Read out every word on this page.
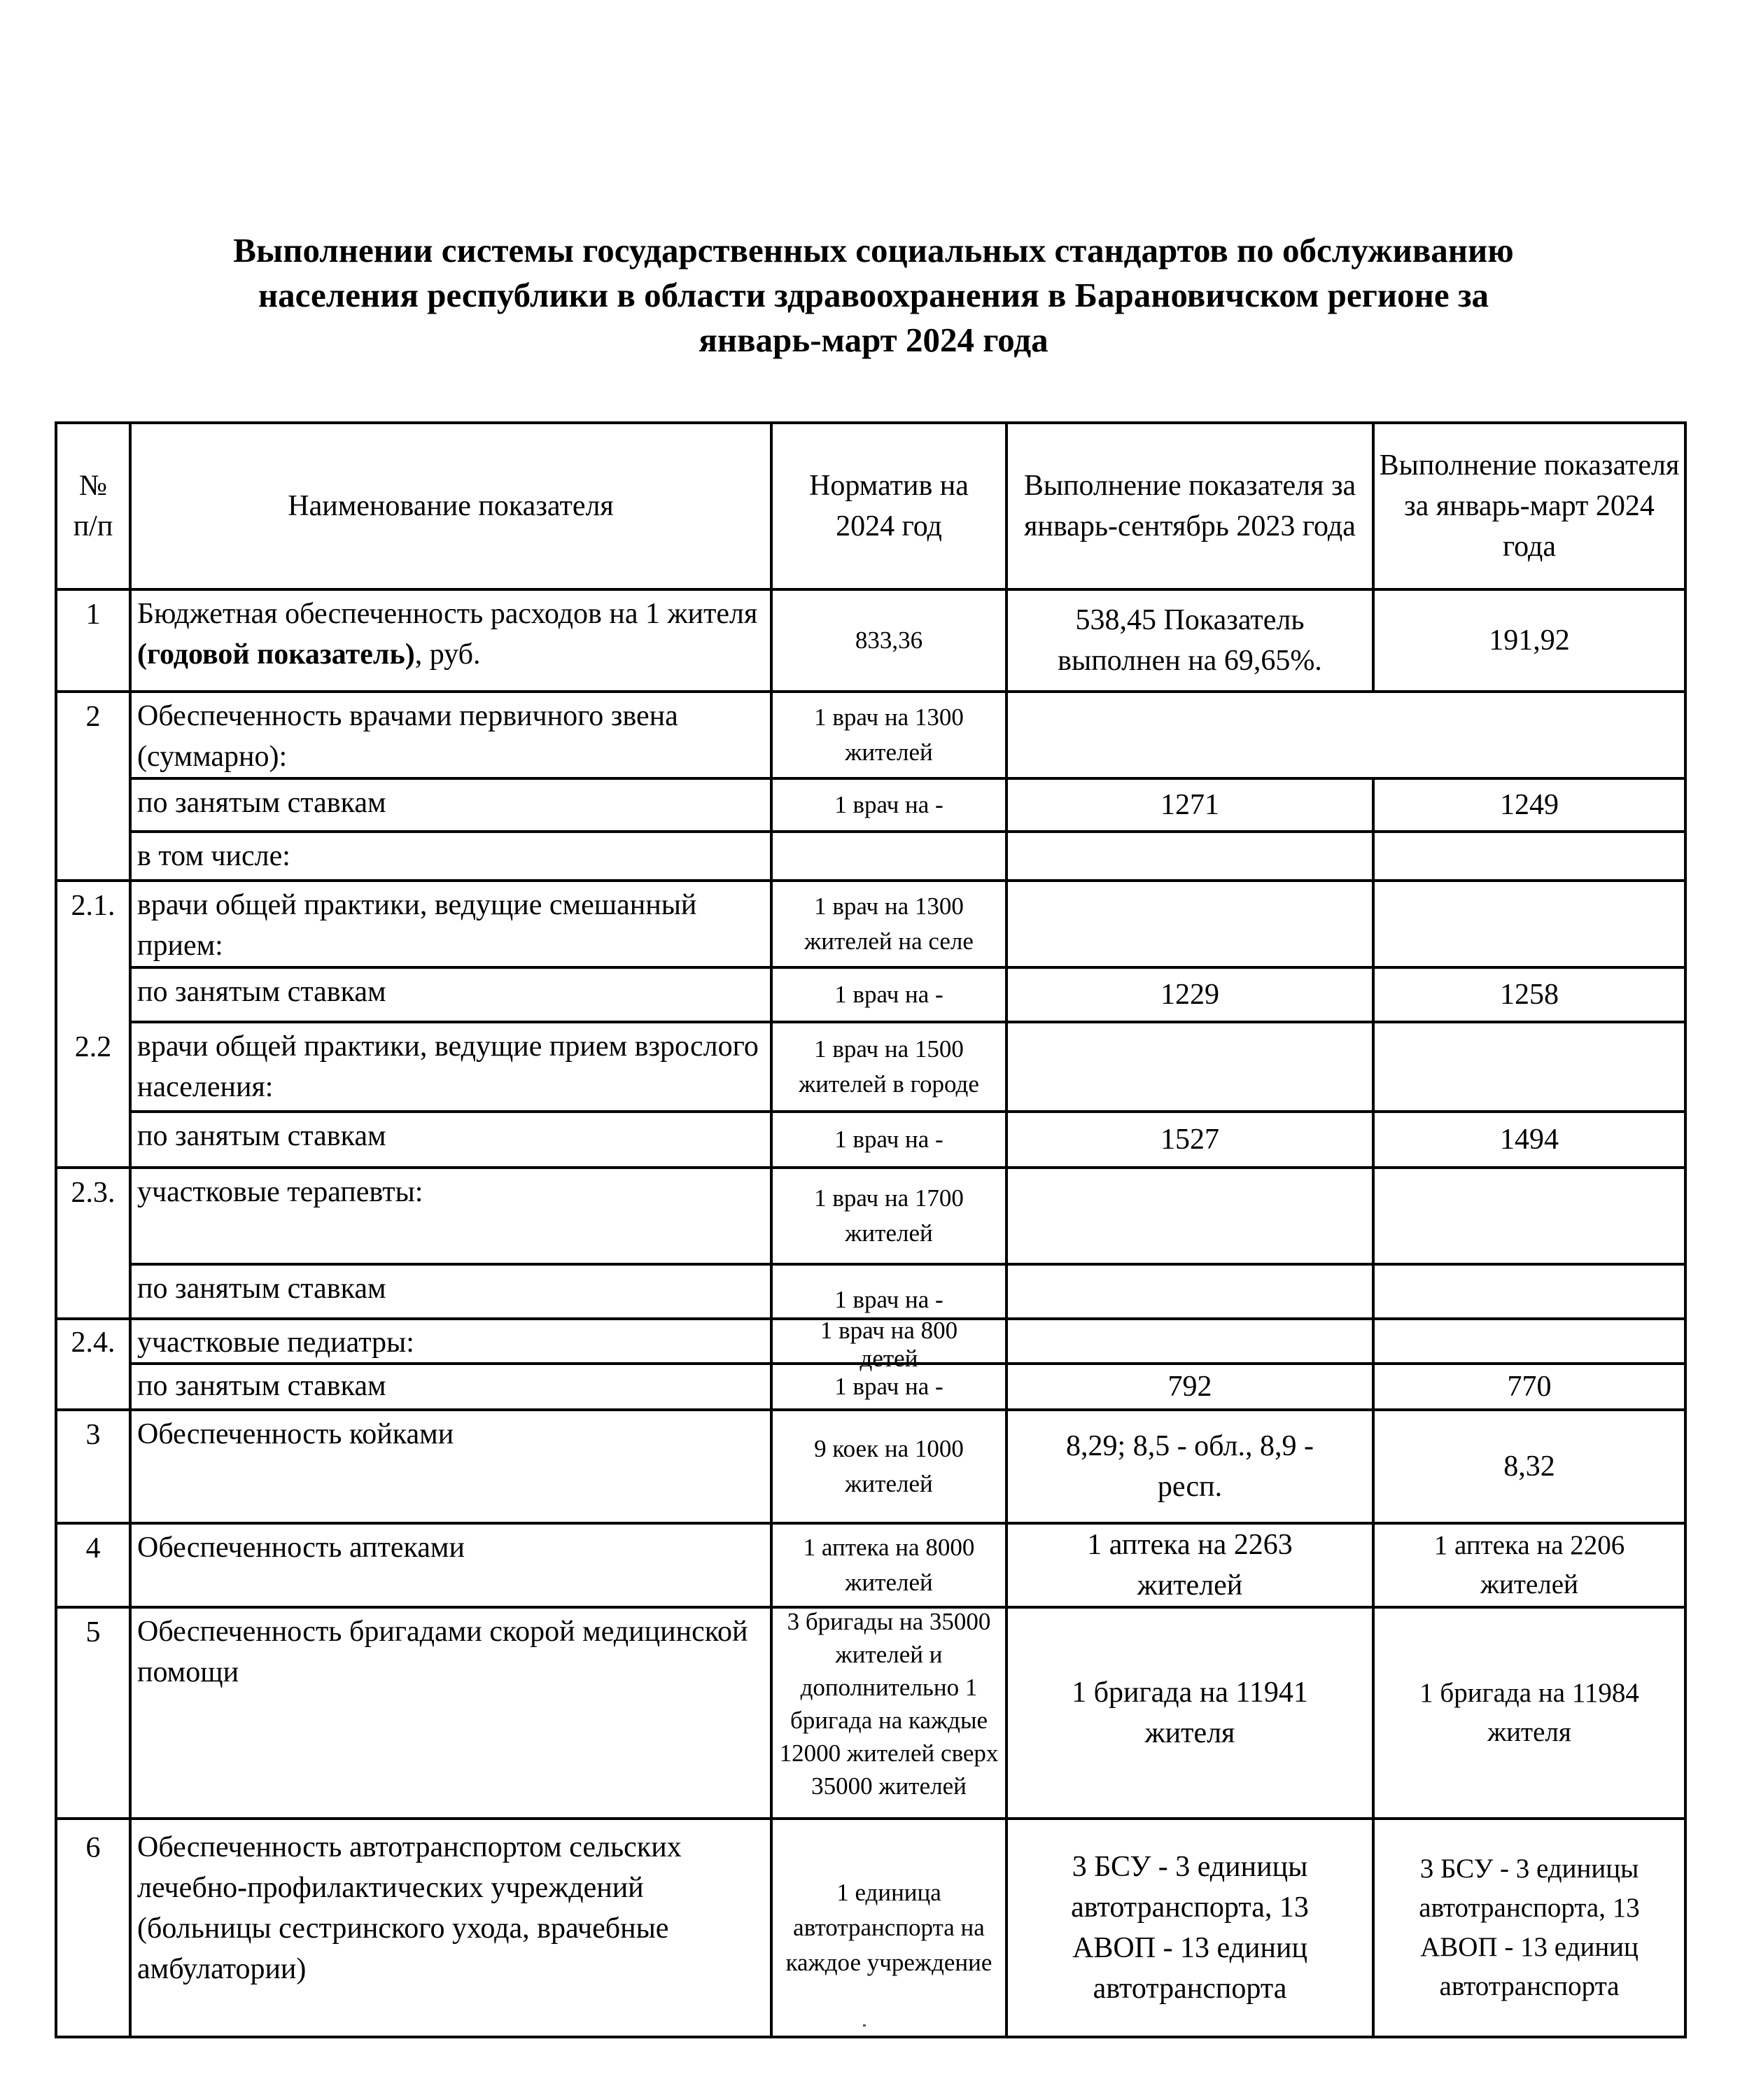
Выполнении системы государственных социальных стандартов по обслуживанию
населения республики в области здравоохранения в Барановичском регионе за
январь-март 2024 года
№ п/п	Наименование показателя	Норматив на 2024 год	Выполнение показателя за январь-сентябрь 2023 года	Выполнение показателя за январь-март 2024 года

1	Бюджетная обеспеченность расходов на 1 жителя (годовой показатель), руб.	833,36	538,45 Показатель выполнен на 69,65%.	191,92
2	Обеспеченность врачами первичного звена (суммарно):	1 врач на 1300 жителей		

	по занятым ставкам	1 врач на -	1271	1249
	в том числе:			
2.1.	врачи общей практики, ведущие смешанный прием:	1 врач на 1300 жителей на селе		

	по занятым ставкам	1 врач на -	1229	1258
2.2	врачи общей практики, ведущие прием взрослого населения:	1 врач на 1500 жителей в городе		

	по занятым ставкам	1 врач на -	1527	1494
2.3.	участковые терапевты:	1 врач на 1700 жителей		

	по занятым ставкам	1 врач на -		
2.4.	участковые педиатры:	1 врач на 800 детей		

	по занятым ставкам	1 врач на -	792	770
3	Обеспеченность койками	9 коек на 1000 жителей	8,29; 8,5 - обл., 8,9 - респ.	8,32
4	Обеспеченность аптеками	1 аптека на 8000 жителей	1 аптека на 2263 жителей	1 аптека на 2206 жителей

5	Обеспеченность бригадами скорой медицинской помощи	3 бригады на 35000 жителей и дополнительно 1 бригада на каждые 12000 жителей сверх 35000 жителей	1 бригада на 11941 жителя	1 бригада на 11984 жителя

6	Обеспеченность автотранспортом сельских лечебно-профилактических учреждений (больницы сестринского ухода, врачебные амбулатории)	1 единица автотранспорта на каждое учреждение	3 БСУ - 3 единицы автотранспорта, 13 АВОП - 13 единиц автотранспорта	3 БСУ - 3 единицы автотранспорта, 13 АВОП - 13 единиц автотранспорта
